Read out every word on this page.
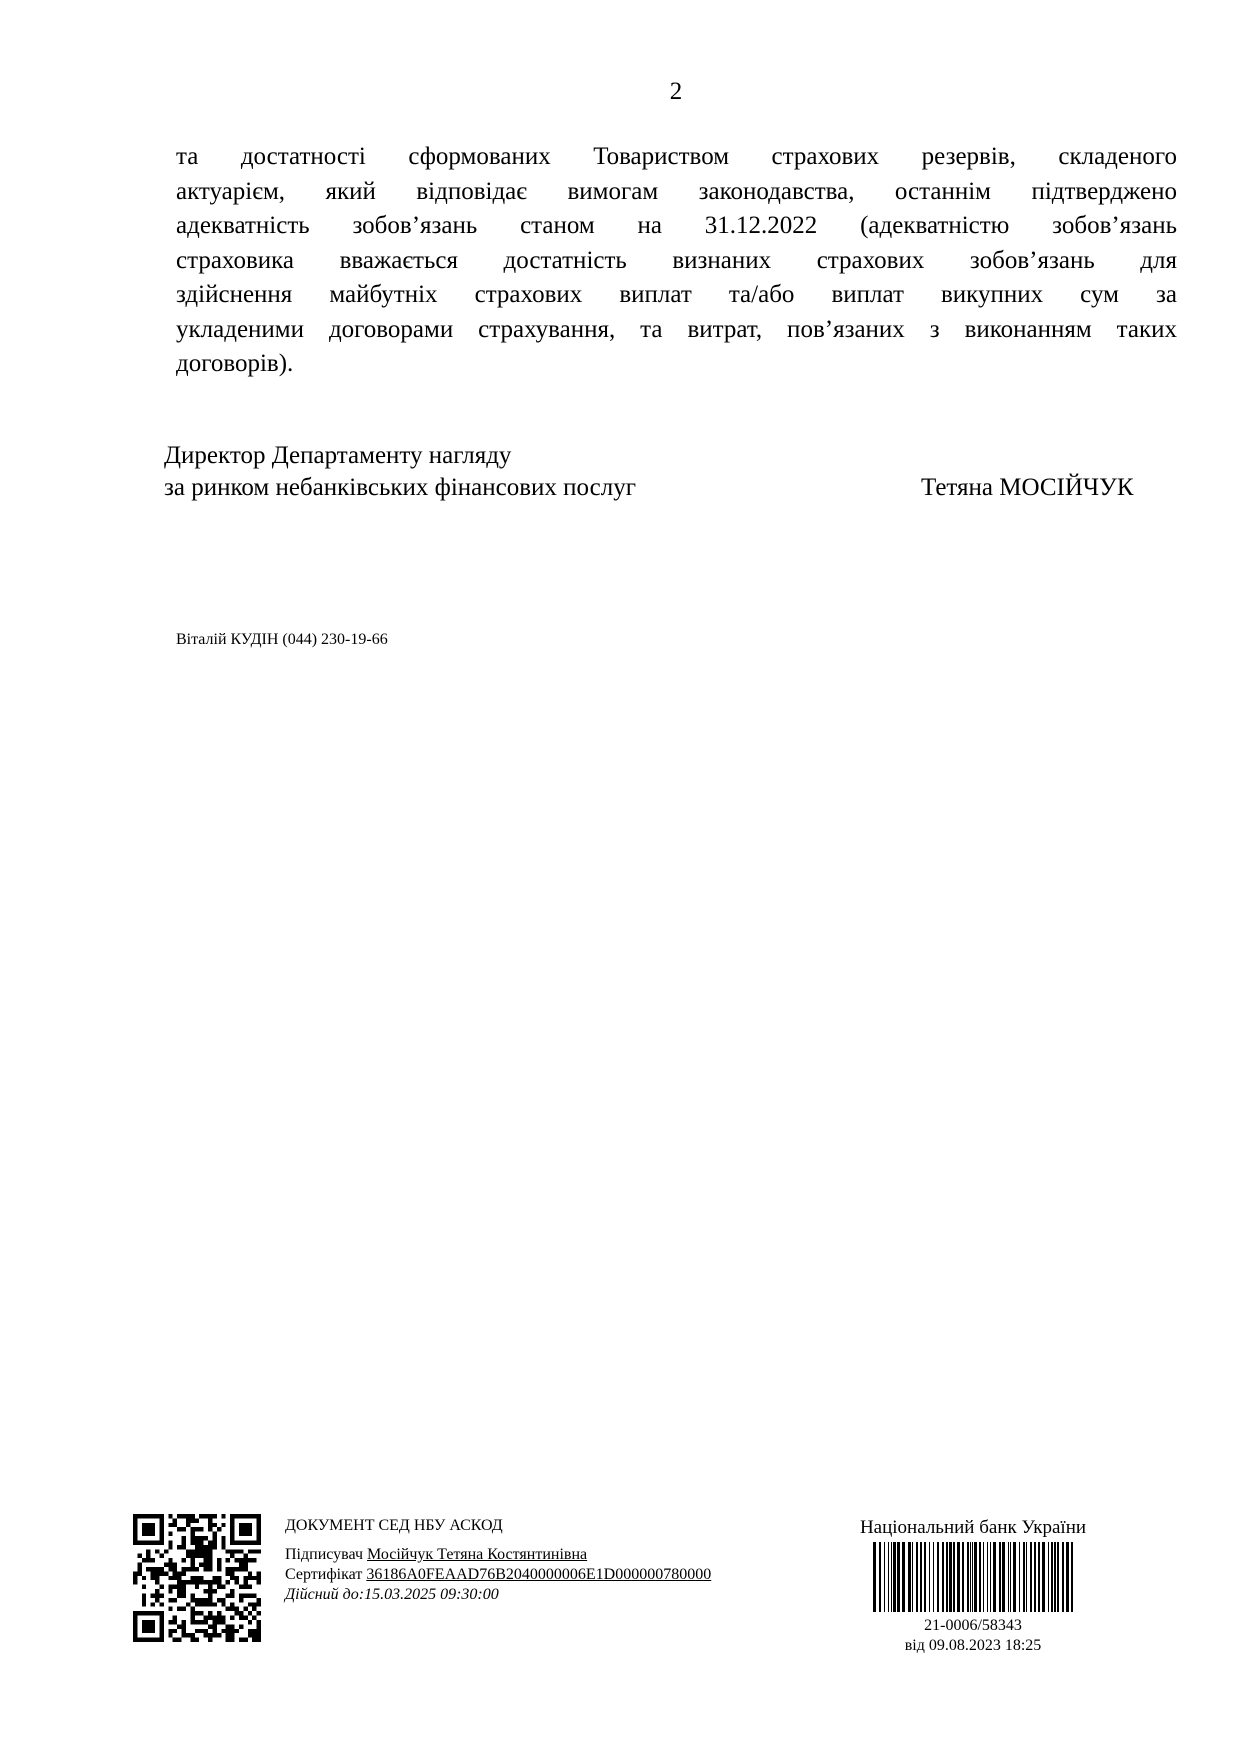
2
та достатності сформованих Товариством страхових резервів, складеного
актуарієм, який відповідає вимогам законодавства, останнім підтверджено
адекватність зобов’язань станом на 31.12.2022 (адекватністю зобов’язань
страховика вважається достатність визнаних страхових зобов’язань для
здійснення майбутніх страхових виплат та/або виплат викупних сум за
укладеними договорами страхування, та витрат, пов’язаних з виконанням таких
договорів).
Директор Департаменту нагляду
за ринком небанківських фінансових послуг	Тетяна МОСІЙЧУК
Віталій КУДІН (044) 230-19-66
ДОКУМЕНТ СЕД НБУ АСКОД
Підписувач Мосійчук Тетяна Костянтинівна
Сертифікат 36186A0FEAAD76B2040000006E1D000000780000
Дійсний до:15.03.2025 09:30:00
Національний банк України
21-0006/58343
від 09.08.2023 18:25
